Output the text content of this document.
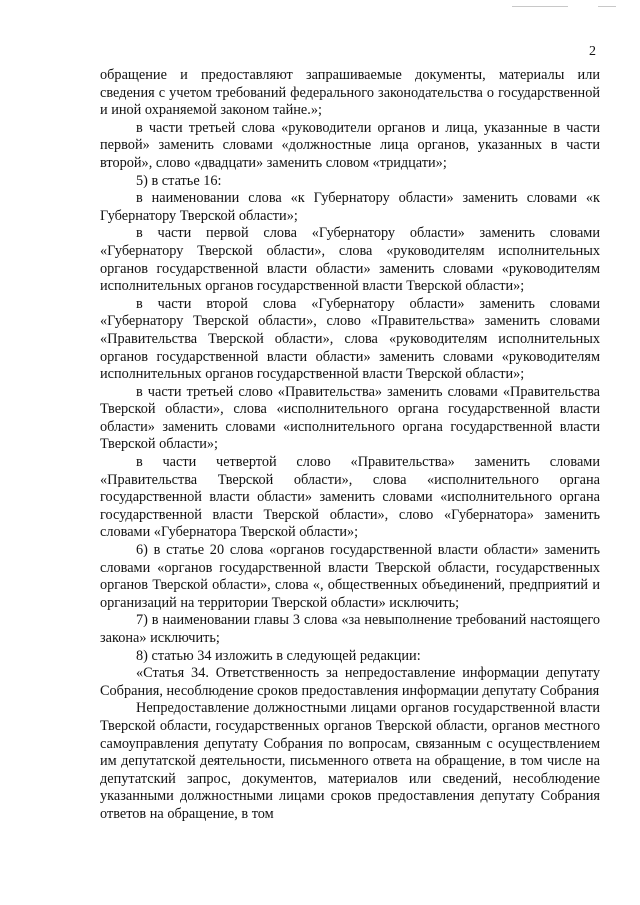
2

обращение и предоставляют запрашиваемые документы, материалы или сведения с учетом требований федерального законодательства о государственной и иной охраняемой законом тайне.»;

в части третьей слова «руководители органов и лица, указанные в части первой» заменить словами «должностные лица органов, указанных в части второй», слово «двадцати» заменить словом «тридцати»;

5) в статье 16:

в наименовании слова «к Губернатору области» заменить словами «к Губернатору Тверской области»;

в части первой слова «Губернатору области» заменить словами «Губернатору Тверской области», слова «руководителям исполнительных органов государственной власти области» заменить словами «руководителям исполнительных органов государственной власти Тверской области»;

в части второй слова «Губернатору области» заменить словами «Губернатору Тверской области», слово «Правительства» заменить словами «Правительства Тверской области», слова «руководителям исполнительных органов государственной власти области» заменить словами «руководителям исполнительных органов государственной власти Тверской области»;

в части третьей слово «Правительства» заменить словами «Правительства Тверской области», слова «исполнительного органа государственной власти области» заменить словами «исполнительного органа государственной власти Тверской области»;

в части четвертой слово «Правительства» заменить словами «Правительства Тверской области», слова «исполнительного органа государственной власти области» заменить словами «исполнительного органа государственной власти Тверской области», слово «Губернатора» заменить словами «Губернатора Тверской области»;

6) в статье 20 слова «органов государственной власти области» заменить словами «органов государственной власти Тверской области, государственных органов Тверской области», слова «, общественных объединений, предприятий и организаций на территории Тверской области» исключить;

7) в наименовании главы 3 слова «за невыполнение требований настоящего закона» исключить;

8) статью 34 изложить в следующей редакции:

«Статья 34. Ответственность за непредоставление информации депутату Собрания, несоблюдение сроков предоставления информации депутату Собрания

Непредоставление должностными лицами органов государственной власти Тверской области, государственных органов Тверской области, органов местного самоуправления депутату Собрания по вопросам, связанным с осуществлением им депутатской деятельности, письменного ответа на обращение, в том числе на депутатский запрос, документов, материалов или сведений, несоблюдение указанными должностными лицами сроков предоставления депутату Собрания ответов на обращение, в том
